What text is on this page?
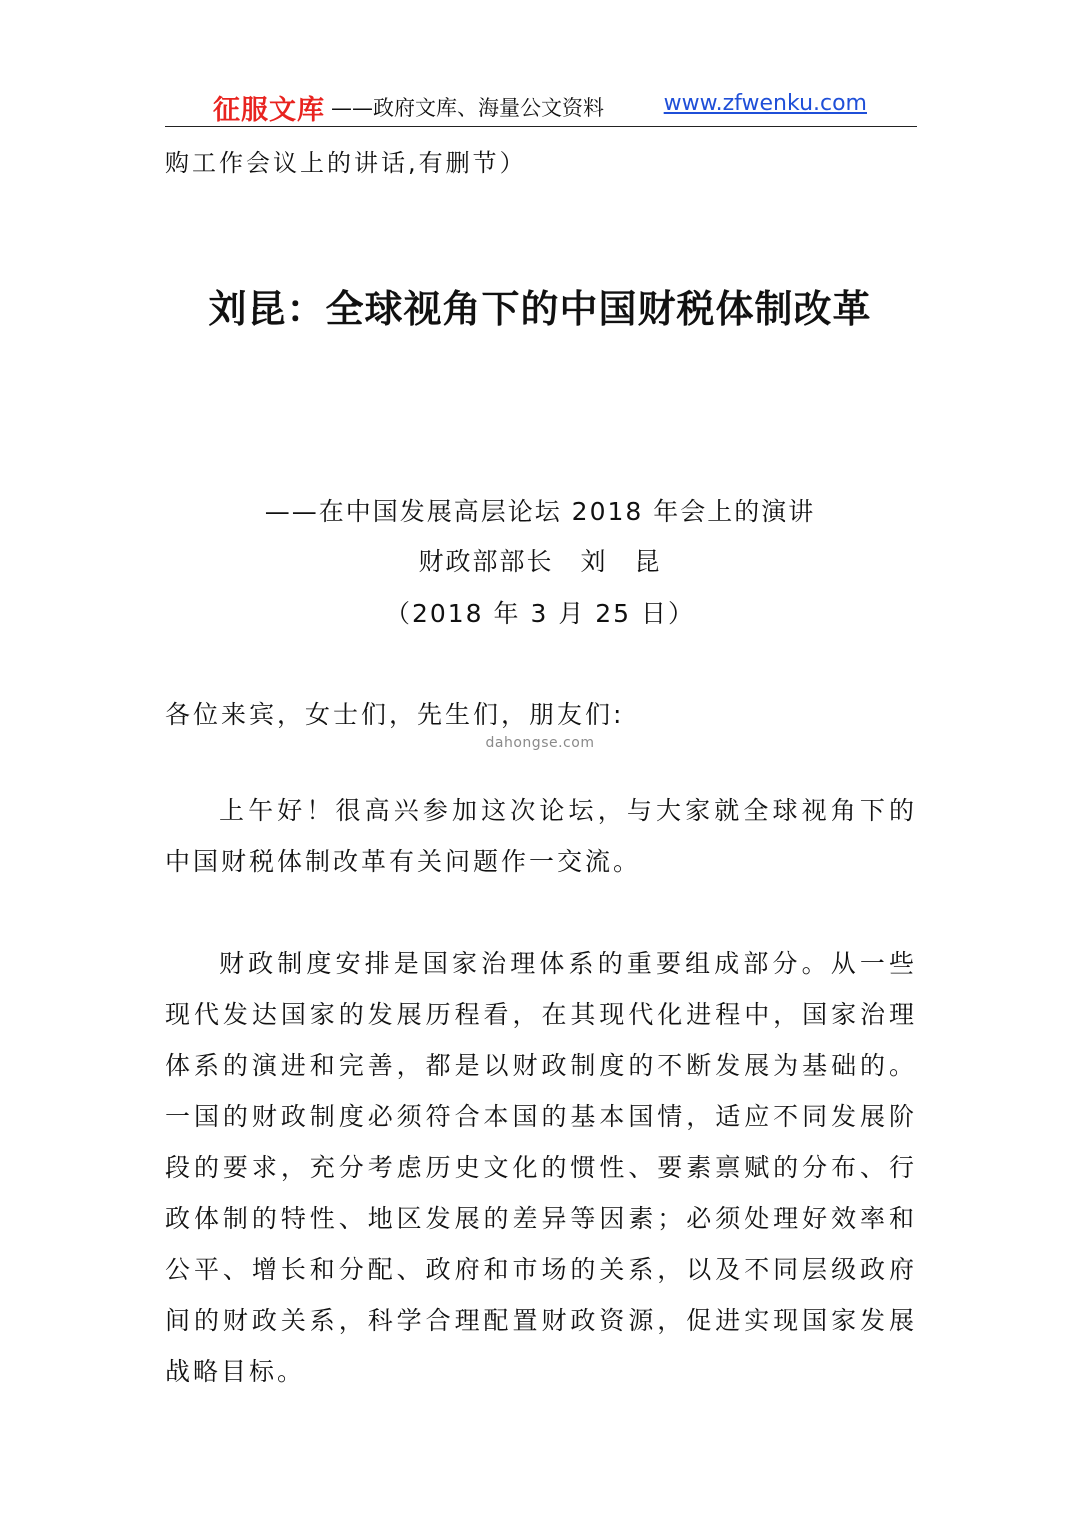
征服文库 ——政府文库、海量公文资料	www.zfwenku.com
购工作会议上的讲话,有删节）
刘昆：全球视角下的中国财税体制改革
——在中国发展高层论坛 2018 年会上的演讲
财政部部长　刘　昆
（2018 年 3 月 25 日）
各位来宾，女士们，先生们，朋友们:
dahongse.com

上午好！很高兴参加这次论坛，与大家就全球视角下的中国财税体制改革有关问题作一交流。

财政制度安排是国家治理体系的重要组成部分。从一些现代发达国家的发展历程看，在其现代化进程中，国家治理体系的演进和完善，都是以财政制度的不断发展为基础的。一国的财政制度必须符合本国的基本国情，适应不同发展阶段的要求，充分考虑历史文化的惯性、要素禀赋的分布、行政体制的特性、地区发展的差异等因素；必须处理好效率和公平、增长和分配、政府和市场的关系，以及不同层级政府间的财政关系，科学合理配置财政资源，促进实现国家发展战略目标。
